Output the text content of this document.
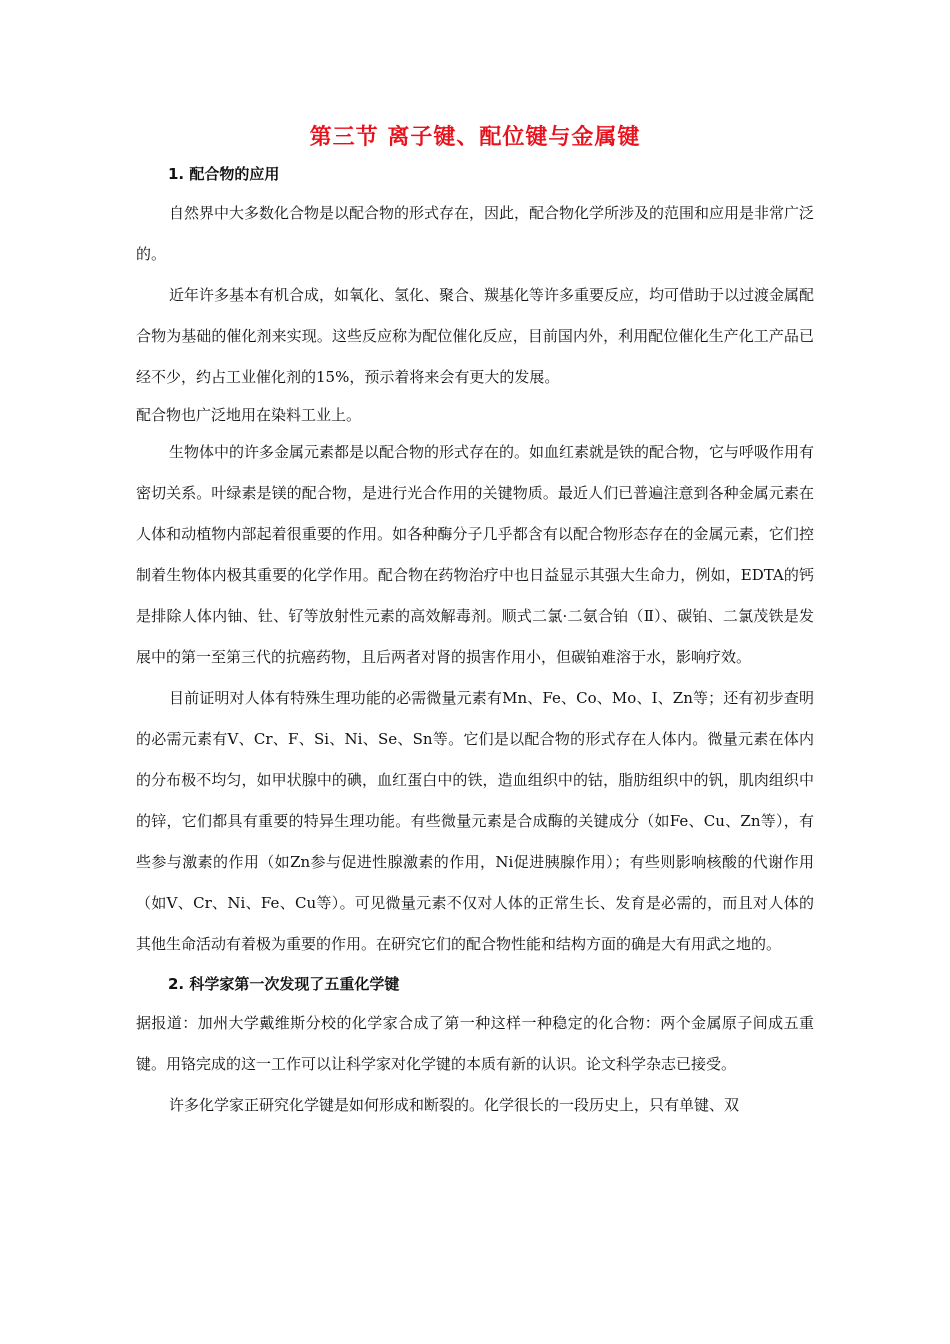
第三节 离子键、配位键与金属键

1. 配合物的应用

自然界中大多数化合物是以配合物的形式存在，因此，配合物化学所涉及的范围和应用是非常广泛的。

近年许多基本有机合成，如氧化、氢化、聚合、羰基化等许多重要反应，均可借助于以过渡金属配合物为基础的催化剂来实现。这些反应称为配位催化反应，目前国内外，利用配位催化生产化工产品已经不少，约占工业催化剂的15%，预示着将来会有更大的发展。

配合物也广泛地用在染料工业上。

生物体中的许多金属元素都是以配合物的形式存在的。如血红素就是铁的配合物，它与呼吸作用有密切关系。叶绿素是镁的配合物，是进行光合作用的关键物质。最近人们已普遍注意到各种金属元素在人体和动植物内部起着很重要的作用。如各种酶分子几乎都含有以配合物形态存在的金属元素，它们控制着生物体内极其重要的化学作用。配合物在药物治疗中也日益显示其强大生命力，例如，EDTA的钙是排除人体内铀、钍、钌等放射性元素的高效解毒剂。顺式二氯·二氨合铂（Ⅱ）、碳铂、二氯茂铁是发展中的第一至第三代的抗癌药物，且后两者对肾的损害作用小，但碳铂难溶于水，影响疗效。

目前证明对人体有特殊生理功能的必需微量元素有Mn、Fe、Co、Mo、I、Zn等；还有初步查明的必需元素有V、Cr、F、Si、Ni、Se、Sn等。它们是以配合物的形式存在人体内。微量元素在体内的分布极不均匀，如甲状腺中的碘，血红蛋白中的铁，造血组织中的钴，脂肪组织中的钒，肌肉组织中的锌，它们都具有重要的特异生理功能。有些微量元素是合成酶的关键成分（如Fe、Cu、Zn等），有些参与激素的作用（如Zn参与促进性腺激素的作用，Ni促进胰腺作用）；有些则影响核酸的代谢作用（如V、Cr、Ni、Fe、Cu等）。可见微量元素不仅对人体的正常生长、发育是必需的，而且对人体的其他生命活动有着极为重要的作用。在研究它们的配合物性能和结构方面的确是大有用武之地的。

2. 科学家第一次发现了五重化学键

据报道：加州大学戴维斯分校的化学家合成了第一种这样一种稳定的化合物：两个金属原子间成五重键。用铬完成的这一工作可以让科学家对化学键的本质有新的认识。论文科学杂志已接受。

许多化学家正研究化学键是如何形成和断裂的。化学很长的一段历史上，只有单键、双
